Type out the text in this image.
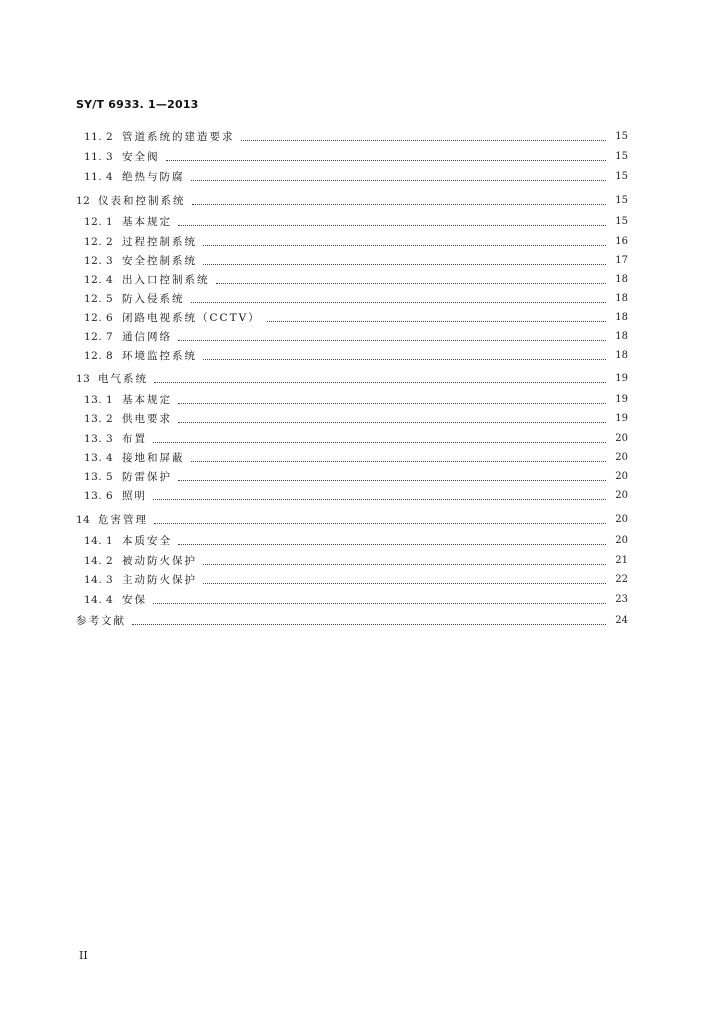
SY/T 6933. 1—2013
11. 2 管道系统的建造要求	15
11. 3 安全阀	15
11. 4 绝热与防腐	15
12 仪表和控制系统	15
12. 1 基本规定	15
12. 2 过程控制系统	16
12. 3 安全控制系统	17
12. 4 出入口控制系统	18
12. 5 防入侵系统	18
12. 6 闭路电视系统（CCTV）	18
12. 7 通信网络	18
12. 8 环境监控系统	18
13 电气系统	19
13. 1 基本规定	19
13. 2 供电要求	19
13. 3 布置	20
13. 4 接地和屏蔽	20
13. 5 防雷保护	20
13. 6 照明	20
14 危害管理	20
14. 1 本质安全	20
14. 2 被动防火保护	21
14. 3 主动防火保护	22
14. 4 安保	23
参考文献	24
II
